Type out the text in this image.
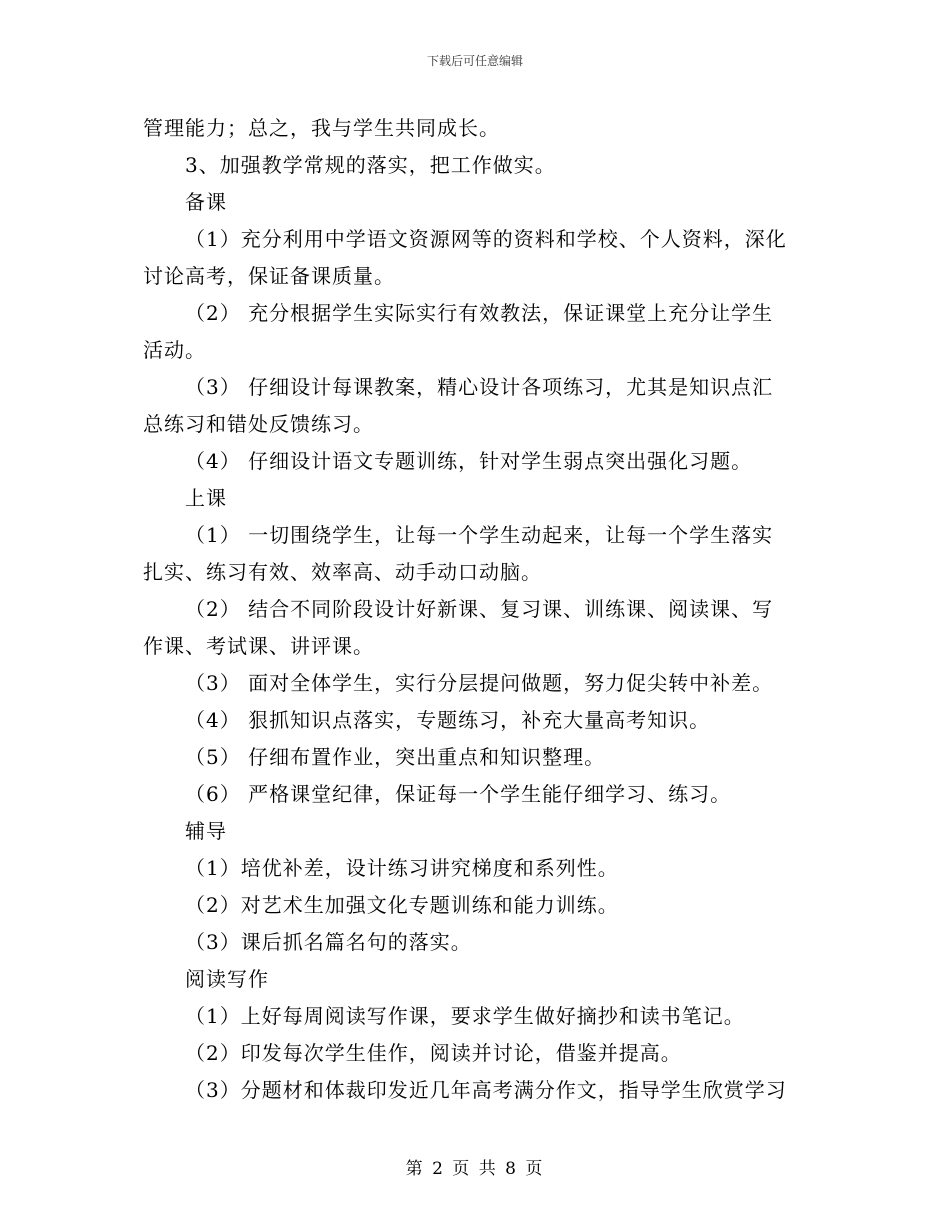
下载后可任意编辑
管理能力；总之，我与学生共同成长。
3、加强教学常规的落实，把工作做实。
备课
（1）充分利用中学语文资源网等的资料和学校、个人资料，深化
讨论高考，保证备课质量。
（2） 充分根据学生实际实行有效教法，保证课堂上充分让学生
活动。
（3） 仔细设计每课教案，精心设计各项练习，尤其是知识点汇
总练习和错处反馈练习。
（4） 仔细设计语文专题训练，针对学生弱点突出强化习题。
上课
（1） 一切围绕学生，让每一个学生动起来，让每一个学生落实
扎实、练习有效、效率高、动手动口动脑。
（2） 结合不同阶段设计好新课、复习课、训练课、阅读课、写
作课、考试课、讲评课。
（3） 面对全体学生，实行分层提问做题，努力促尖转中补差。
（4） 狠抓知识点落实，专题练习，补充大量高考知识。
（5） 仔细布置作业，突出重点和知识整理。
（6） 严格课堂纪律，保证每一个学生能仔细学习、练习。
辅导
（1）培优补差，设计练习讲究梯度和系列性。
（2）对艺术生加强文化专题训练和能力训练。
（3）课后抓名篇名句的落实。
阅读写作
（1）上好每周阅读写作课，要求学生做好摘抄和读书笔记。
（2）印发每次学生佳作，阅读并讨论，借鉴并提高。
（3）分题材和体裁印发近几年高考满分作文，指导学生欣赏学习
第 2 页 共 8 页
